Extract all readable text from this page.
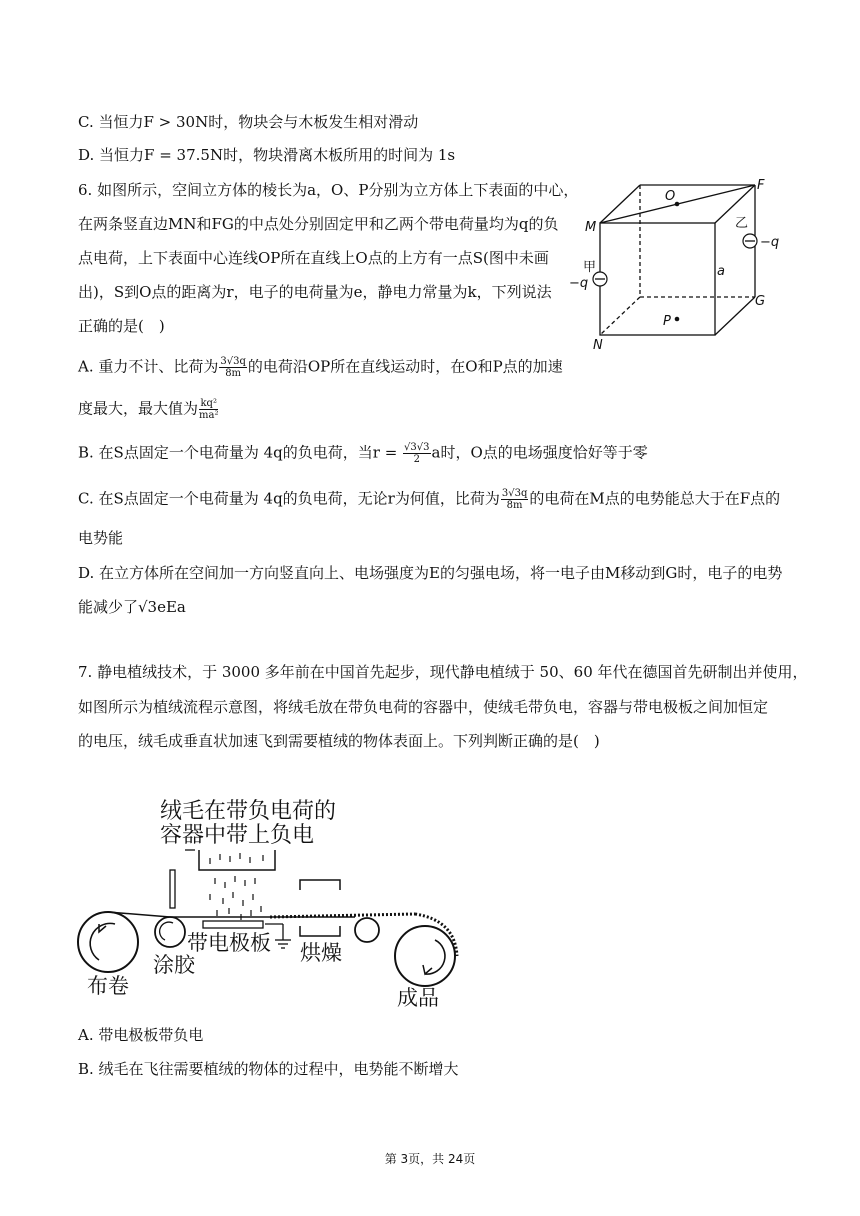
C. 当恒力F > 30N时，物块会与木板发生相对滑动
D. 当恒力F = 37.5N时，物块滑离木板所用的时间为 1s
6. 如图所示，空间立方体的棱长为a，O、P分别为立方体上下表面的中心，
在两条竖直边MN和FG的中点处分别固定甲和乙两个带电荷量均为q的负
点电荷，上下表面中心连线OP所在直线上O点的上方有一点S(图中未画
出)，S到O点的距离为r，电子的电荷量为e，静电力常量为k，下列说法
正确的是(　)
O
F
M
N
G
P
a
−q
−q
乙
甲
A. 重力不计、比荷为 $\frac{3√3q}{8m}$ 的电荷沿OP所在直线运动时，在O和P点的加速
度最大，最大值为 $\frac{\text{kq²}}{\text{ma²}}$
B. 在S点固定一个电荷量为 4q的负电荷，当$r = \frac{√3√3}{2}$ a时，O点的电场强度恰好等于零
C. 在S点固定一个电荷量为 4q的负电荷，无论r为何值，比荷为 $\frac{3√3q}{8m}$ 的电荷在M点的电势能总大于在F点的
电势能
D. 在立方体所在空间加一方向竖直向上、电场强度为E的匀强电场，将一电子由M移动到G时，电子的电势
能减少了√3eEa
7. 静电植绒技术，于 3000 多年前在中国首先起步，现代静电植绒于 50、60 年代在德国首先研制出并使用，
如图所示为植绒流程示意图，将绒毛放在带负电荷的容器中，使绒毛带负电，容器与带电极板之间加恒定
的电压，绒毛成垂直状加速飞到需要植绒的物体表面上。下列判断正确的是(　)
绒毛在带负电荷的
容器中带上负电
带电极板 烘燥
涂胶
布卷	成品
A. 带电极板带负电
B. 绒毛在飞往需要植绒的物体的过程中，电势能不断增大
第 3页，共 24页
